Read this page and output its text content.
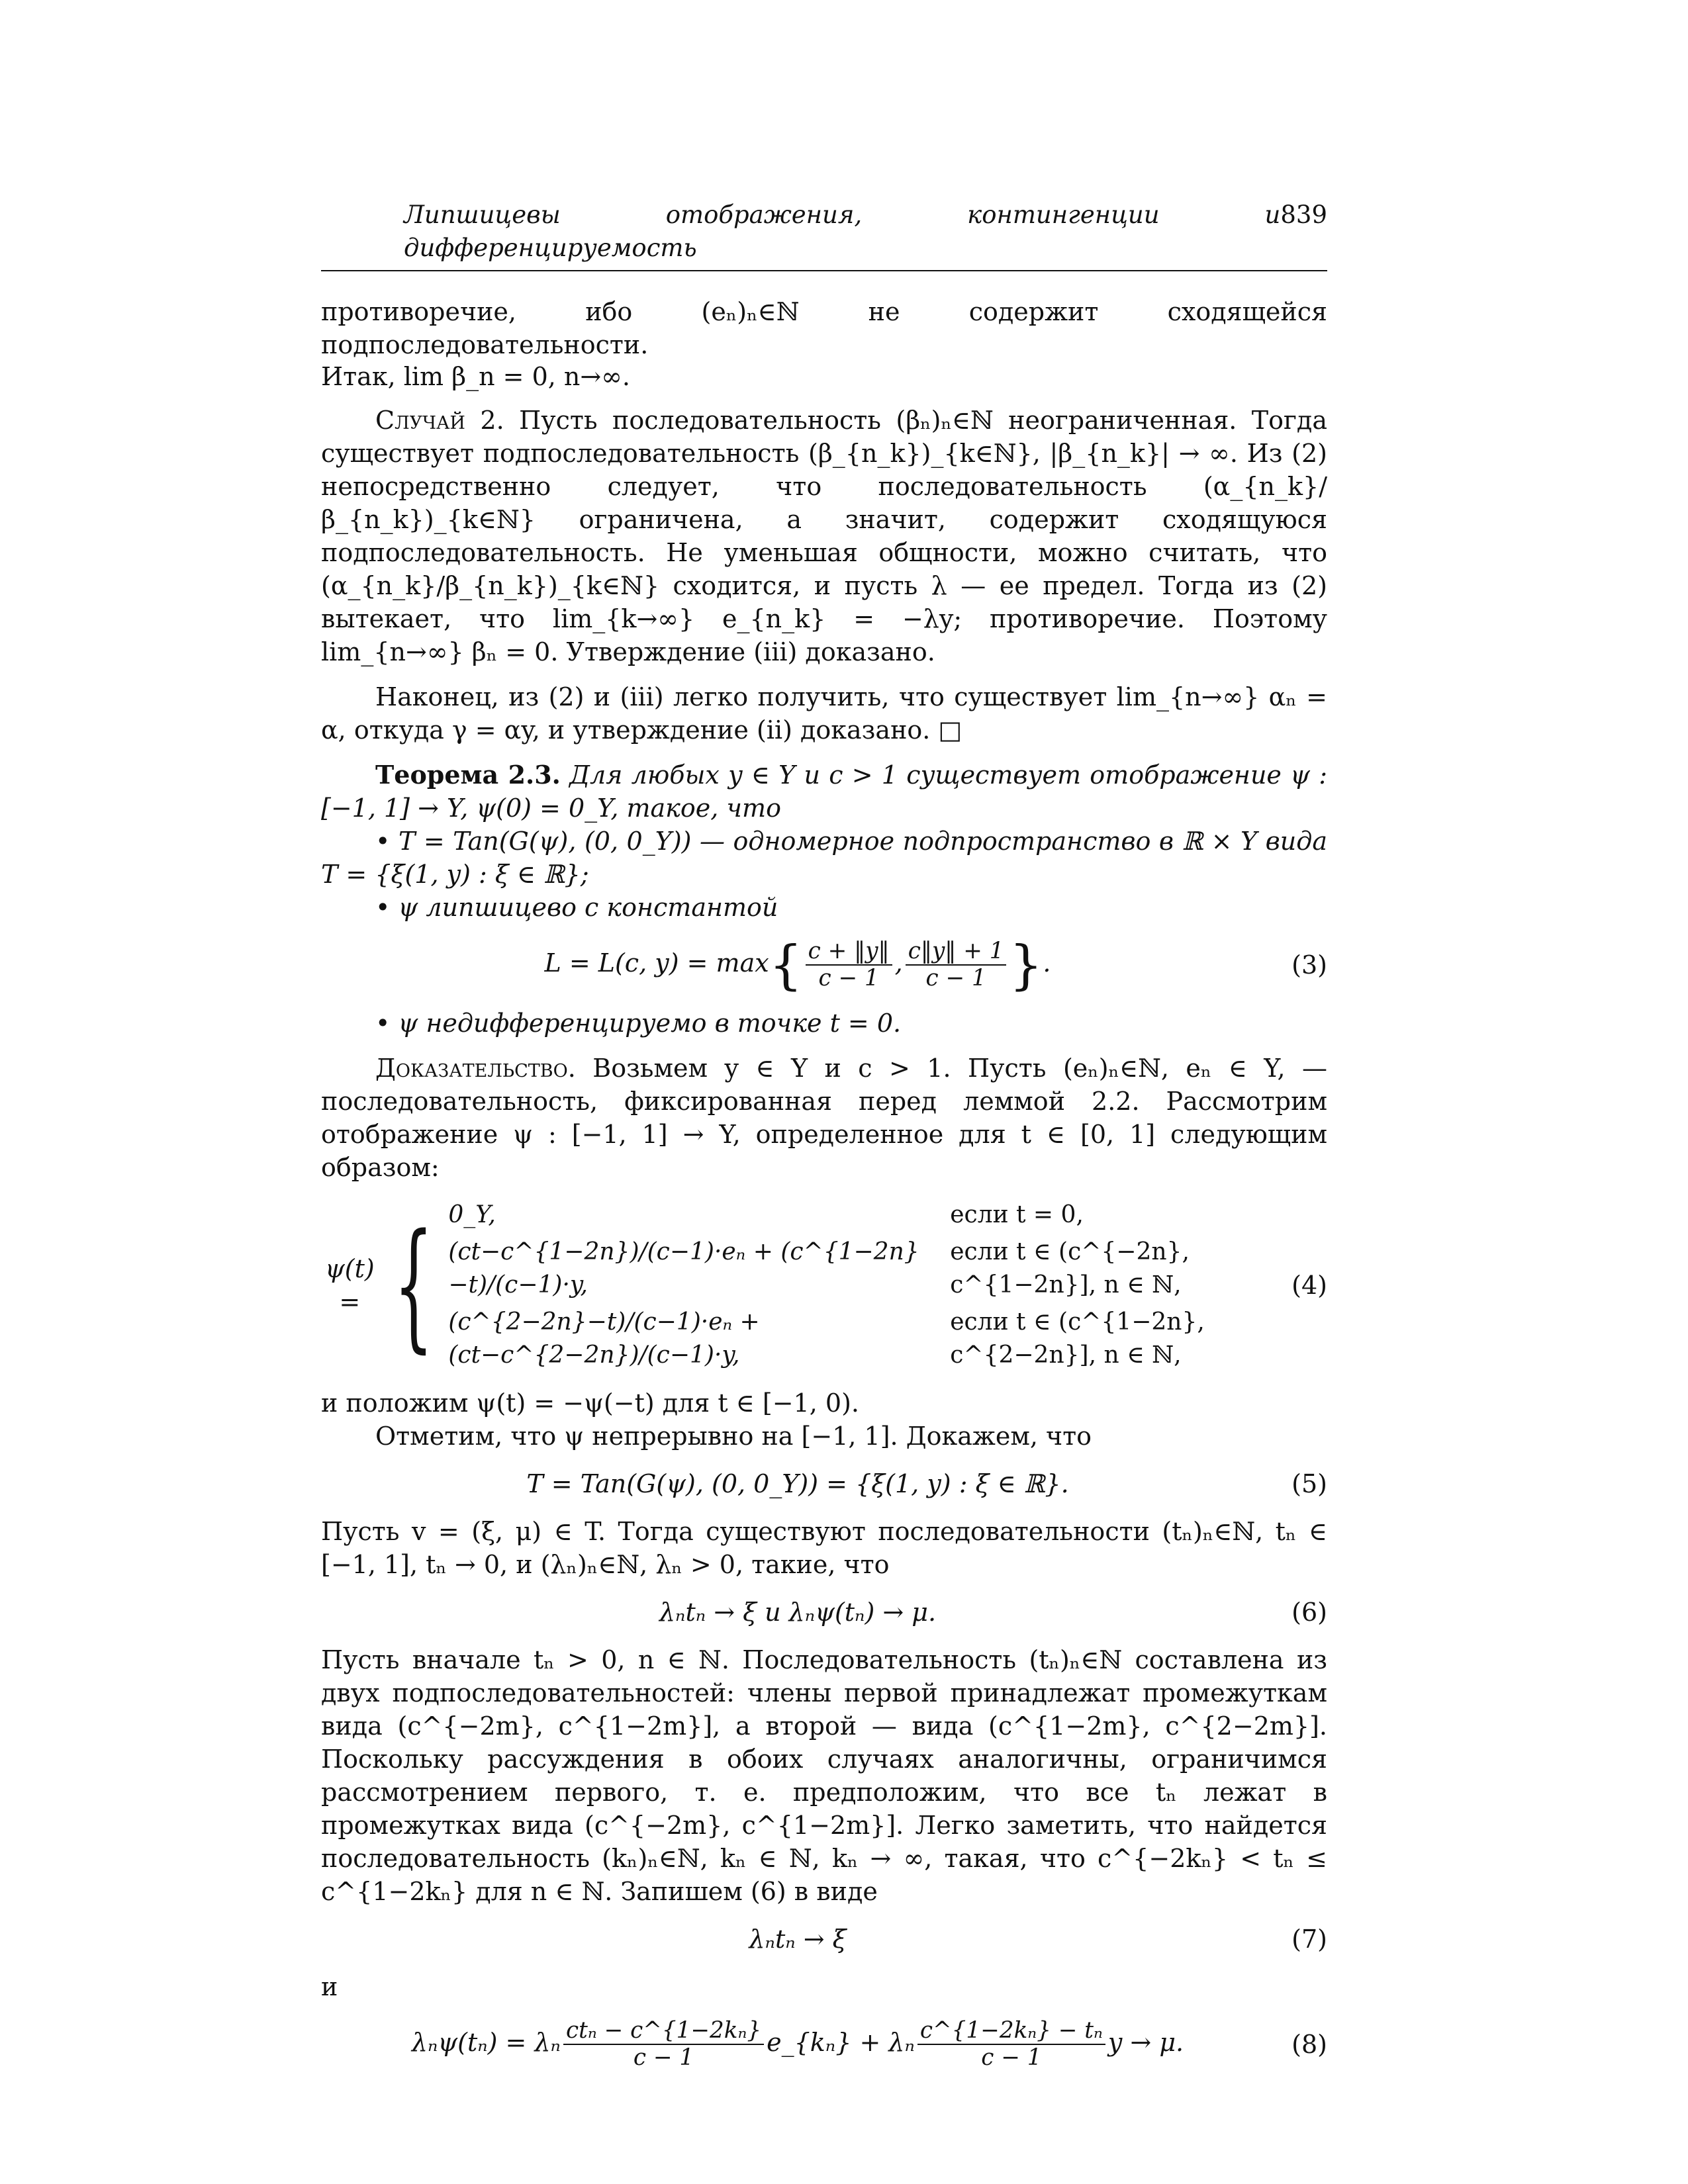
Липшицевы отображения, контингенции и дифференцируемость
839

противоречие, ибо (eₙ)ₙ∈ℕ не содержит сходящейся подпоследовательности.

Итак, lim β_n = 0, n→∞.

Случай 2. Пусть последовательность (βₙ)ₙ∈ℕ неограниченная. Тогда существует подпоследовательность (β_{n_k})_{k∈ℕ}, |β_{n_k}| → ∞. Из (2) непосредственно следует, что последовательность (α_{n_k}/β_{n_k})_{k∈ℕ} ограничена, а значит, содержит сходящуюся подпоследовательность. Не уменьшая общности, можно считать, что (α_{n_k}/β_{n_k})_{k∈ℕ} сходится, и пусть λ — ее предел. Тогда из (2) вытекает, что lim_{k→∞} e_{n_k} = −λy; противоречие. Поэтому lim_{n→∞} βₙ = 0. Утверждение (iii) доказано.

Наконец, из (2) и (iii) легко получить, что существует lim_{n→∞} αₙ = α, откуда γ = αy, и утверждение (ii) доказано. □

Теорема 2.3. Для любых y ∈ Y и c > 1 существует отображение ψ : [−1, 1] → Y, ψ(0) = 0_Y, такое, что

• T = Tan(G(ψ), (0, 0_Y)) — одномерное подпространство в ℝ × Y вида T = {ξ(1, y) : ξ ∈ ℝ};

• ψ липшицево с константой

L = L(c, $y) = \max\{ \frac{c + ‖y‖}{c - 1}$ , $\frac{c‖y‖ + 1}{c - 1}$ }.	(3)

• ψ недифференцируемо в точке t = 0.

Доказательство. Возьмем y ∈ Y и c > 1. Пусть (eₙ)ₙ∈ℕ, eₙ ∈ Y, — последовательность, фиксированная перед леммой 2.2. Рассмотрим отображение ψ : [−1, 1] → Y, определенное для t ∈ [0, 1] следующим образом:

ψ(t) = { 0_Y,	если t = 0,
(ct−c^{1−2n})/(c−1)·eₙ + (c^{1−2n}−t)/(c−1)·y,
если t ∈ (c^{−2n}, c^{1−2n}], n ∈ ℕ,
(c^{2−2n}−t)/(c−1)·eₙ + (ct−c^{2−2n})/(c−1)·y,
если t ∈ (c^{1−2n}, c^{2−2n}], n ∈ ℕ,
(4)

и положим ψ(t) = −ψ(−t) для t ∈ [−1, 0).

Отметим, что ψ непрерывно на [−1, 1]. Докажем, что

T = Tan(G(ψ), (0, 0_Y)) = {ξ(1, y) : ξ ∈ ℝ}.	(5)

Пусть v = (ξ, μ) ∈ T. Тогда существуют последовательности (tₙ)ₙ∈ℕ, tₙ ∈ [−1, 1], tₙ → 0, и (λₙ)ₙ∈ℕ, λₙ > 0, такие, что

λₙtₙ → ξ и λₙψ(tₙ) → μ.	(6)

Пусть вначале tₙ > 0, n ∈ ℕ. Последовательность (tₙ)ₙ∈ℕ составлена из двух подпоследовательностей: члены первой принадлежат промежуткам вида (c^{−2m}, c^{1−2m}], а второй — вида (c^{1−2m}, c^{2−2m}]. Поскольку рассуждения в обоих случаях аналогичны, ограничимся рассмотрением первого, т. е. предположим, что все tₙ лежат в промежутках вида (c^{−2m}, c^{1−2m}]. Легко заметить, что найдется последовательность (kₙ)ₙ∈ℕ, kₙ ∈ ℕ, kₙ → ∞, такая, что c^{−2kₙ} < tₙ ≤ c^{1−2kₙ} для n ∈ ℕ. Запишем (6) в виде

λₙtₙ → ξ	(7)

и

λₙψ(tₙ) = λₙ $\frac{\text{ctₙ − c\textasciicircum{}\{1−2kₙ\}}}{c - 1}$ e_{kₙ} + λₙ $\frac{\text{c\textasciicircum{}\{1−2kₙ\} − tₙ}}{c - 1}$ y → μ.	(8)
